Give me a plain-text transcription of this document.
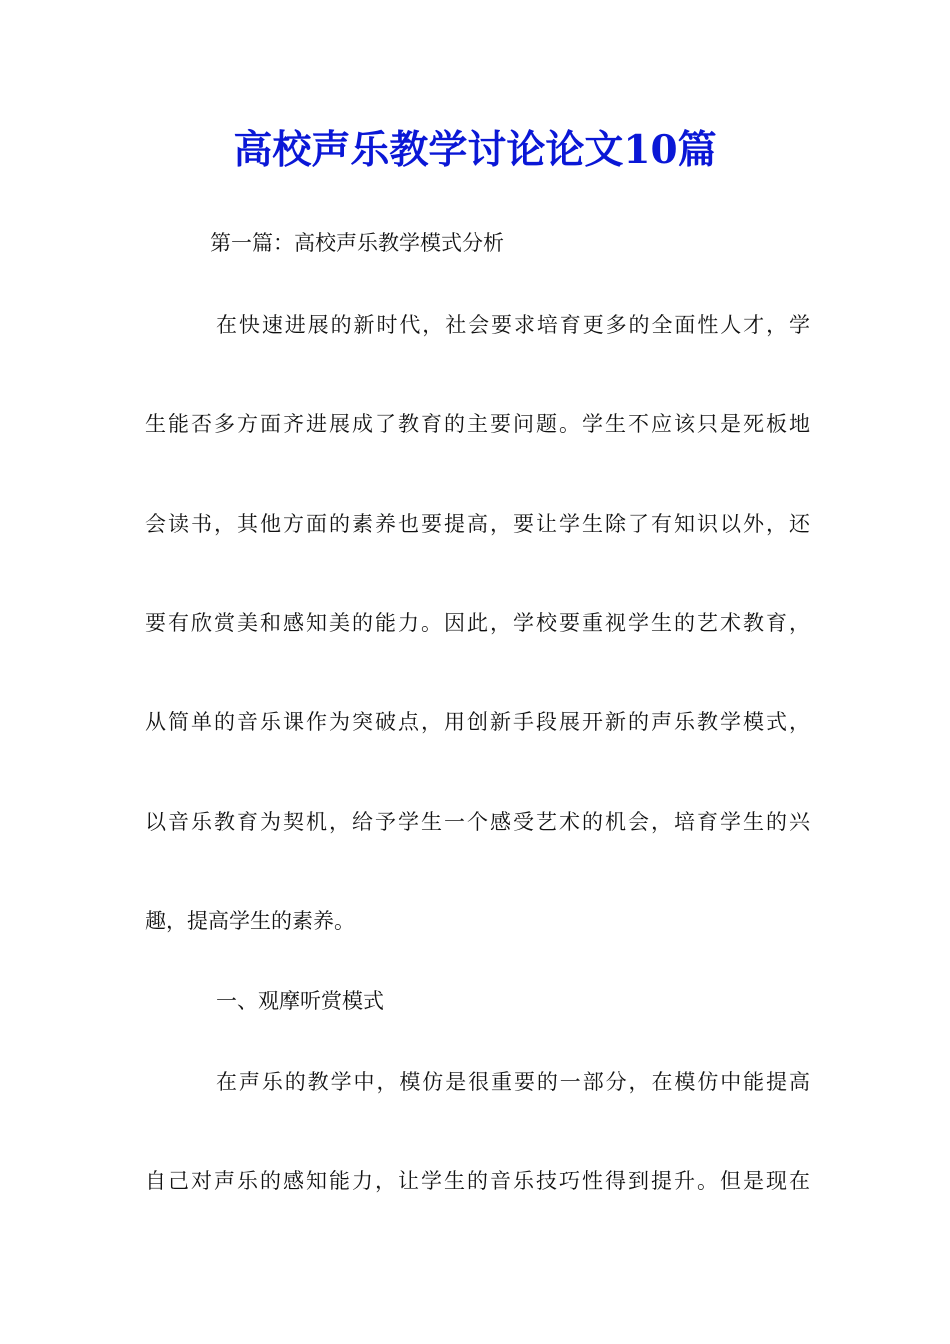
高校声乐教学讨论论文10篇

第一篇：高校声乐教学模式分析

在快速进展的新时代，社会要求培育更多的全面性人才，学

生能否多方面齐进展成了教育的主要问题。学生不应该只是死板地

会读书，其他方面的素养也要提高，要让学生除了有知识以外，还

要有欣赏美和感知美的能力。因此，学校要重视学生的艺术教育，

从简单的音乐课作为突破点，用创新手段展开新的声乐教学模式，

以音乐教育为契机，给予学生一个感受艺术的机会，培育学生的兴

趣，提高学生的素养。

一、观摩听赏模式

在声乐的教学中，模仿是很重要的一部分，在模仿中能提高

自己对声乐的感知能力，让学生的音乐技巧性得到提升。但是现在
